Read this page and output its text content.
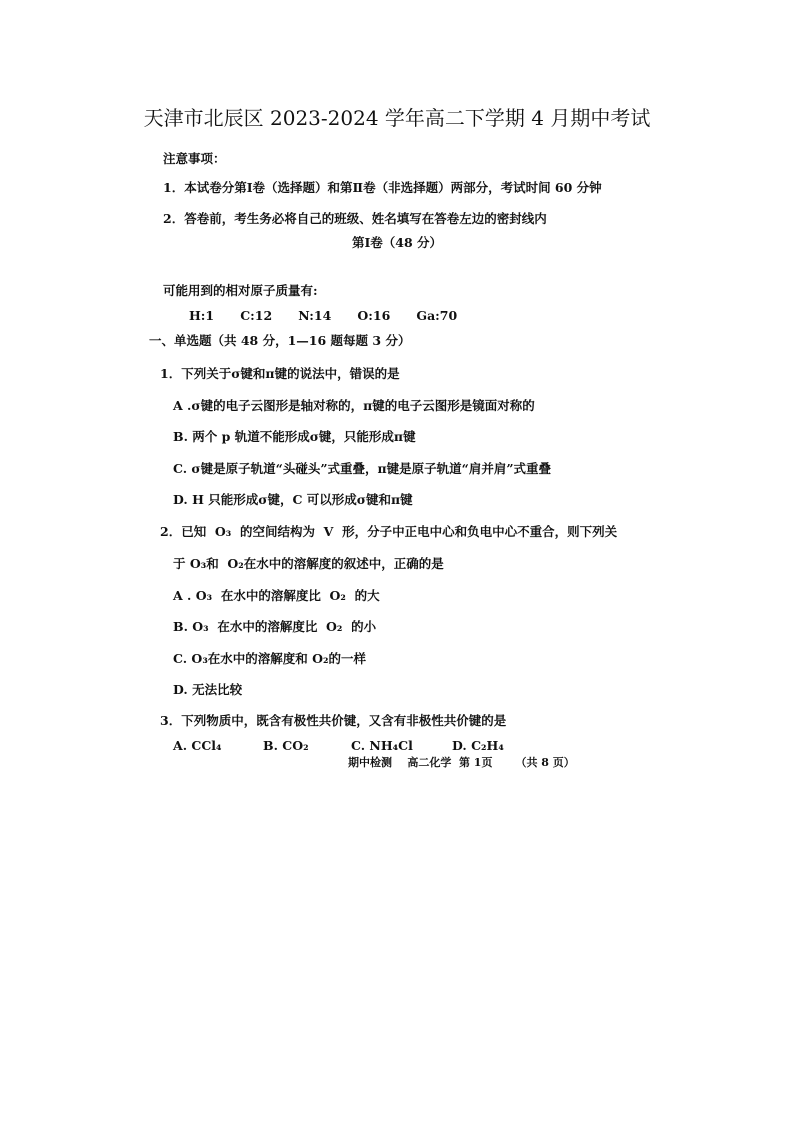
天津市北辰区 2023-2024 学年高二下学期 4 月期中考试
注意事项：
1．本试卷分第Ⅰ卷（选择题）和第Ⅱ卷（非选择题）两部分，考试时间 60 分钟
2．答卷前，考生务必将自己的班级、姓名填写在答卷左边的密封线内
第Ⅰ卷（48 分）
可能用到的相对原子质量有:
H:1      C:12      N:14      O:16      Ga:70
一、单选题（共 48 分，1—16 题每题 3 分）
1．下列关于σ键和π键的说法中，错误的是
A .σ键的电子云图形是轴对称的，π键的电子云图形是镜面对称的
B. 两个 p 轨道不能形成σ键，只能形成π键
C. σ键是原子轨道“头碰头”式重叠，π键是原子轨道“肩并肩”式重叠
D. H 只能形成σ键，C 可以形成σ键和π键
2．已知  O₃  的空间结构为  V  形，分子中正电中心和负电中心不重合，则下列关
于 O₃和  O₂在水中的溶解度的叙述中，正确的是
A . O₃  在水中的溶解度比  O₂  的大
B. O₃  在水中的溶解度比  O₂  的小
C. O₃在水中的溶解度和 O₂的一样
D. 无法比较
3．下列物质中，既含有极性共价键，又含有非极性共价键的是
A. CCl₄	B. CO₂	C. NH₄Cl	D. C₂H₄
期中检测    高二化学  第 1页      （共 8 页）
